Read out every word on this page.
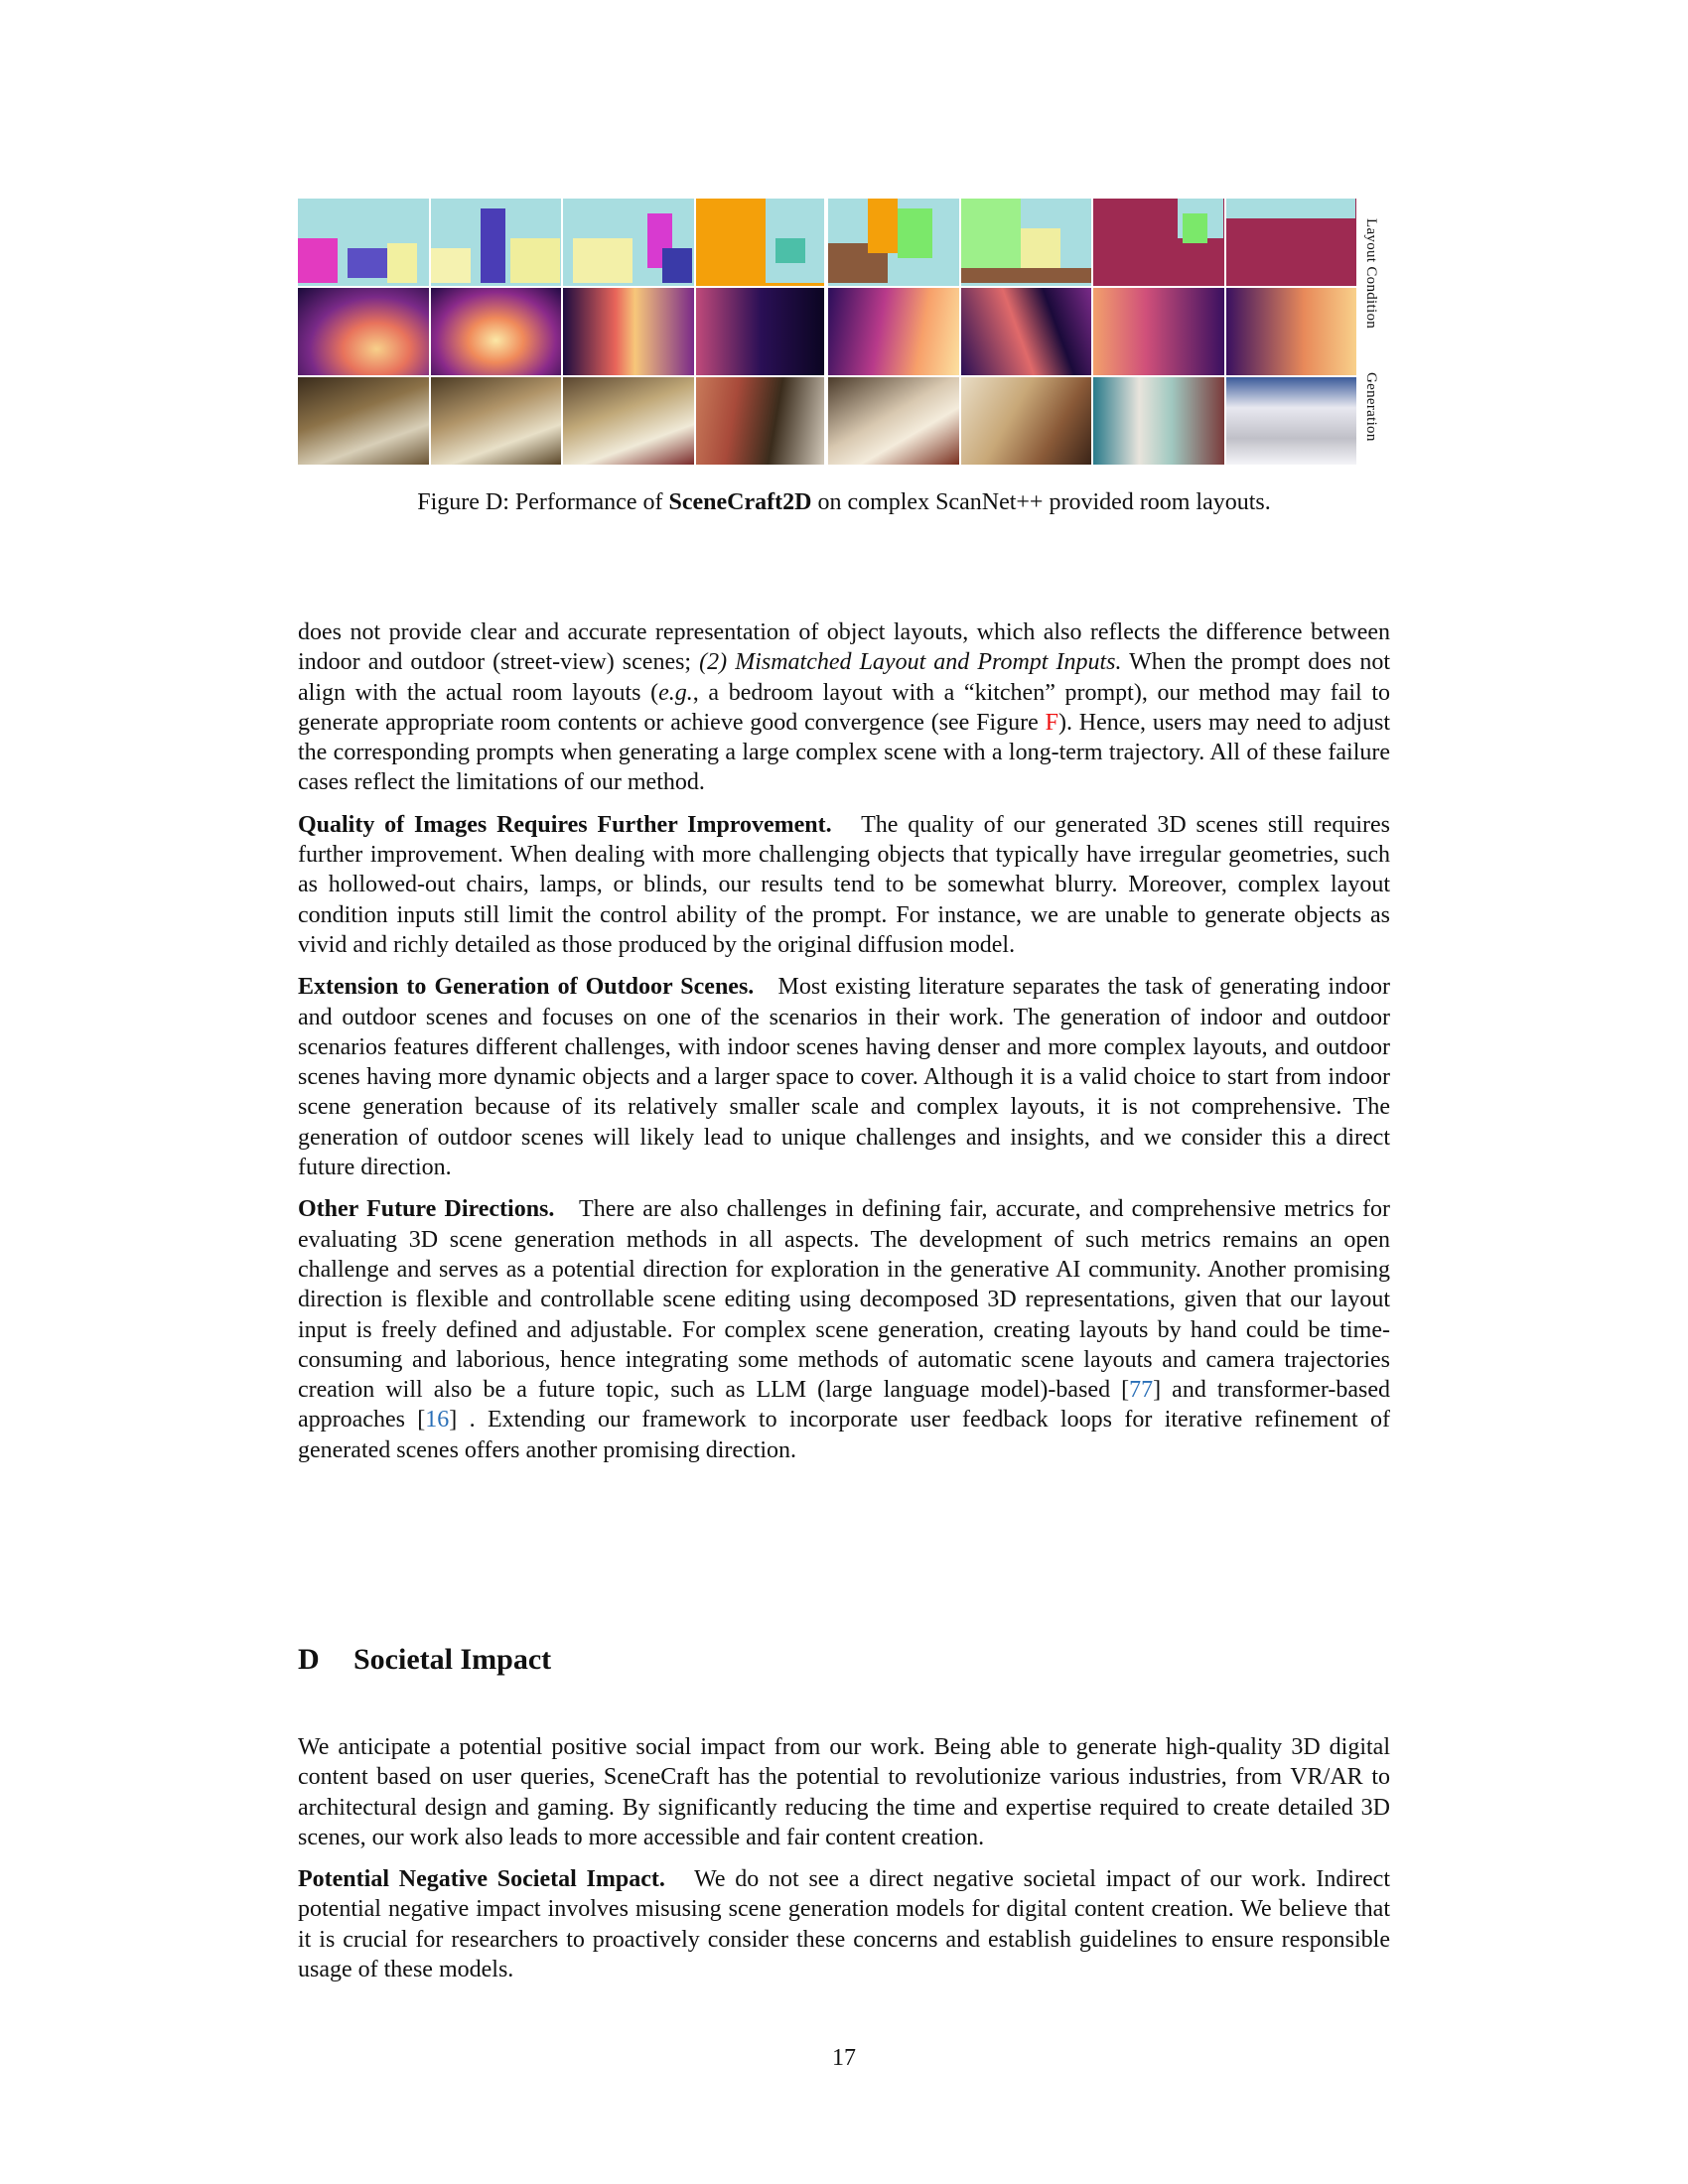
Layout Condition
Generation
Figure D: Performance of SceneCraft2D on complex ScanNet++ provided room layouts.

does not provide clear and accurate representation of object layouts, which also reflects the difference between indoor and outdoor (street-view) scenes; (2) Mismatched Layout and Prompt Inputs. When the prompt does not align with the actual room layouts (e.g., a bedroom layout with a “kitchen” prompt), our method may fail to generate appropriate room contents or achieve good convergence (see Figure F). Hence, users may need to adjust the corresponding prompts when generating a large complex scene with a long-term trajectory. All of these failure cases reflect the limitations of our method.

Quality of Images Requires Further Improvement. The quality of our generated 3D scenes still requires further improvement. When dealing with more challenging objects that typically have irregular geometries, such as hollowed-out chairs, lamps, or blinds, our results tend to be somewhat blurry. Moreover, complex layout condition inputs still limit the control ability of the prompt. For instance, we are unable to generate objects as vivid and richly detailed as those produced by the original diffusion model.

Extension to Generation of Outdoor Scenes. Most existing literature separates the task of generating indoor and outdoor scenes and focuses on one of the scenarios in their work. The generation of indoor and outdoor scenarios features different challenges, with indoor scenes having denser and more complex layouts, and outdoor scenes having more dynamic objects and a larger space to cover. Although it is a valid choice to start from indoor scene generation because of its relatively smaller scale and complex layouts, it is not comprehensive. The generation of outdoor scenes will likely lead to unique challenges and insights, and we consider this a direct future direction.

Other Future Directions. There are also challenges in defining fair, accurate, and comprehensive metrics for evaluating 3D scene generation methods in all aspects. The development of such metrics remains an open challenge and serves as a potential direction for exploration in the generative AI community. Another promising direction is flexible and controllable scene editing using decomposed 3D representations, given that our layout input is freely defined and adjustable. For complex scene generation, creating layouts by hand could be time-consuming and laborious, hence integrating some methods of automatic scene layouts and camera trajectories creation will also be a future topic, such as LLM (large language model)-based [77] and transformer-based approaches [16] . Extending our framework to incorporate user feedback loops for iterative refinement of generated scenes offers another promising direction.

D Societal Impact

We anticipate a potential positive social impact from our work. Being able to generate high-quality 3D digital content based on user queries, SceneCraft has the potential to revolutionize various industries, from VR/AR to architectural design and gaming. By significantly reducing the time and expertise required to create detailed 3D scenes, our work also leads to more accessible and fair content creation.

Potential Negative Societal Impact. We do not see a direct negative societal impact of our work. Indirect potential negative impact involves misusing scene generation models for digital content creation. We believe that it is crucial for researchers to proactively consider these concerns and establish guidelines to ensure responsible usage of these models.

17
